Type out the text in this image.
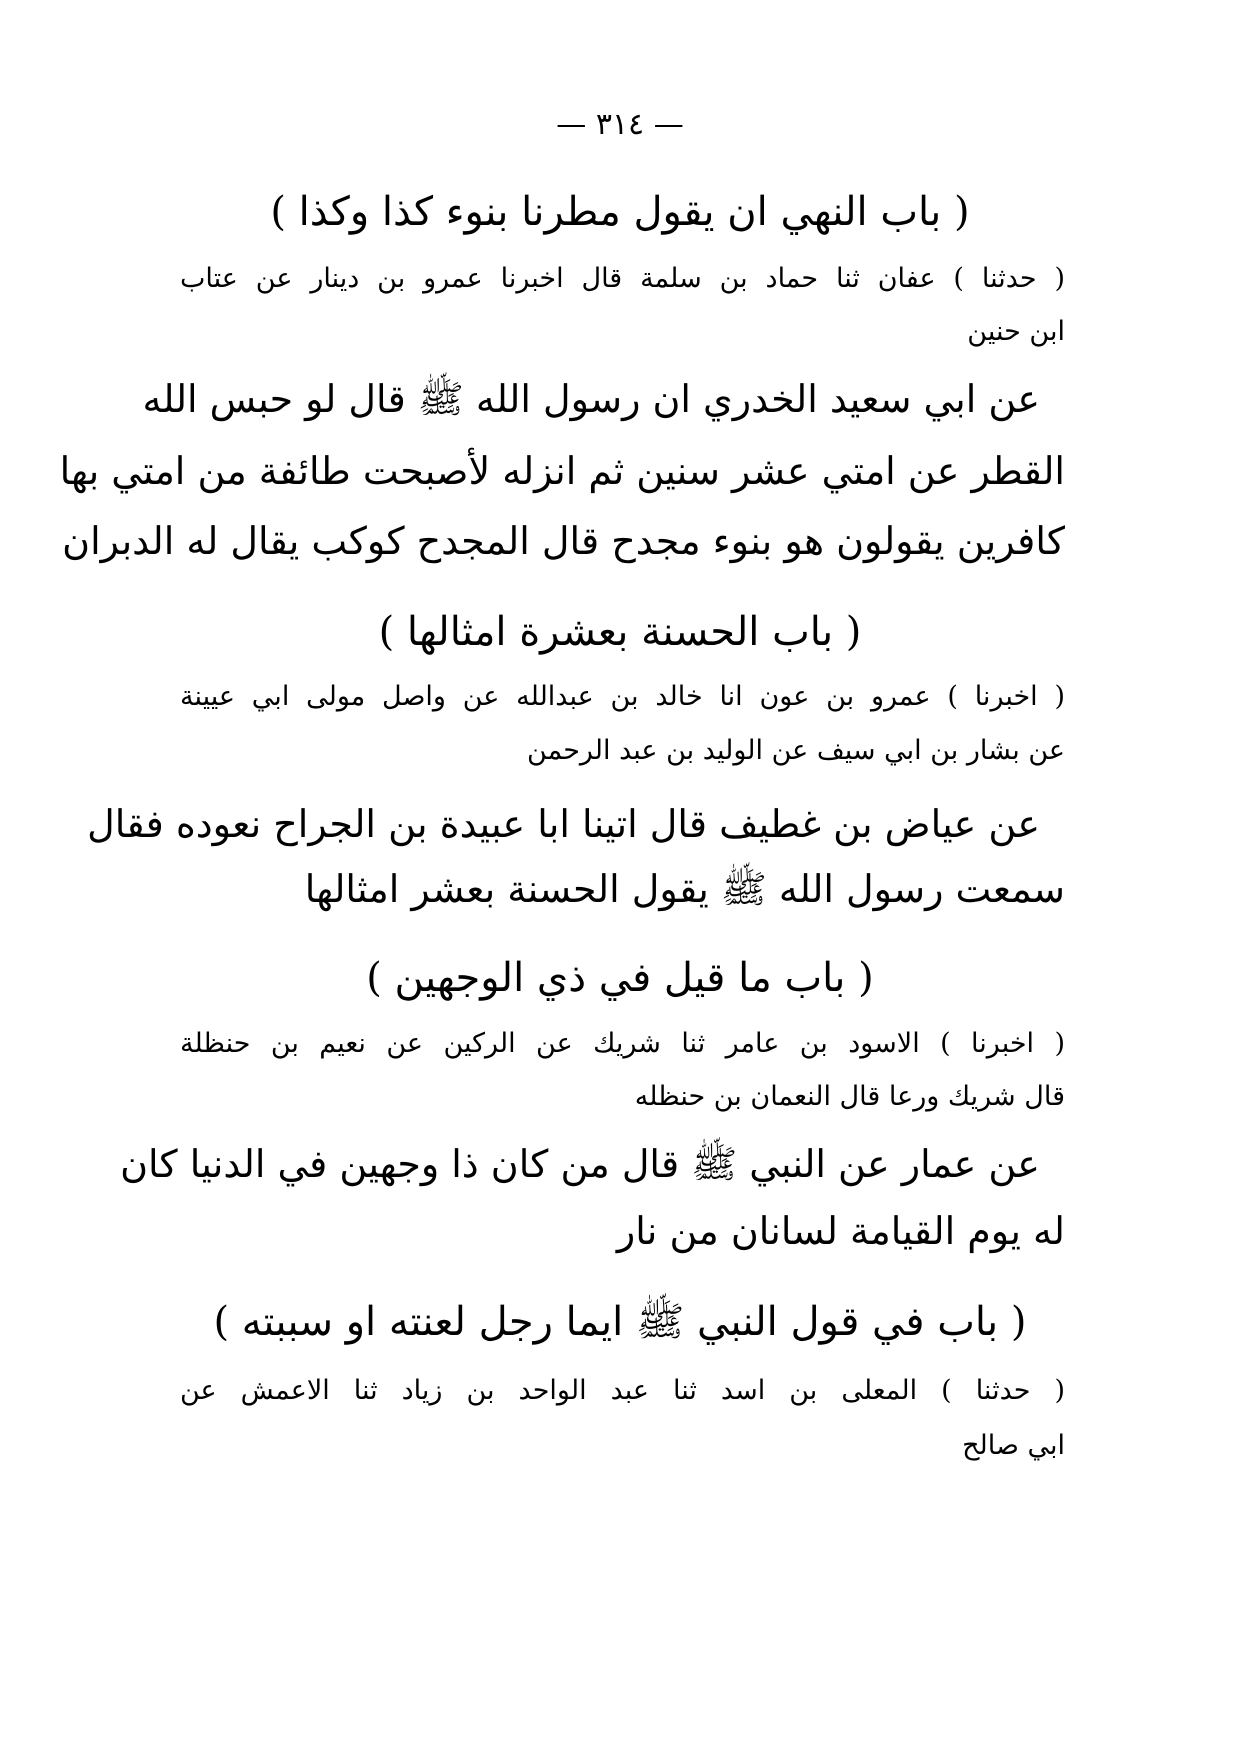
— ٣١٤ —
( باب النهي ان يقول مطرنا بنوء كذا وكذا )
( حدثنا ) عفان ثنا حماد بن سلمة قال اخبرنا عمرو بن دينار عن عتاب
ابن حنين
عن ابي سعيد الخدري ان رسول الله ﷺ قال لو حبس الله
القطر عن امتي عشر سنين ثم انزله لأصبحت طائفة من امتي بها
كافرين يقولون هو بنوء مجدح قال المجدح كوكب يقال له الدبران
( باب الحسنة بعشرة امثالها )
( اخبرنا ) عمرو بن عون انا خالد بن عبدالله عن واصل مولى ابي عيينة
عن بشار بن ابي سيف عن الوليد بن عبد الرحمن
عن عياض بن غطيف قال اتينا ابا عبيدة بن الجراح نعوده فقال
سمعت رسول الله ﷺ يقول الحسنة بعشر امثالها
( باب ما قيل في ذي الوجهين )
( اخبرنا ) الاسود بن عامر ثنا شريك عن الركين عن نعيم بن حنظلة
قال شريك ورعا قال النعمان بن حنظله
عن عمار عن النبي ﷺ قال من كان ذا وجهين في الدنيا كان
له يوم القيامة لسانان من نار
( باب في قول النبي ﷺ ايما رجل لعنته او سببته )
( حدثنا ) المعلى بن اسد ثنا عبد الواحد بن زياد ثنا الاعمش عن
ابي صالح
